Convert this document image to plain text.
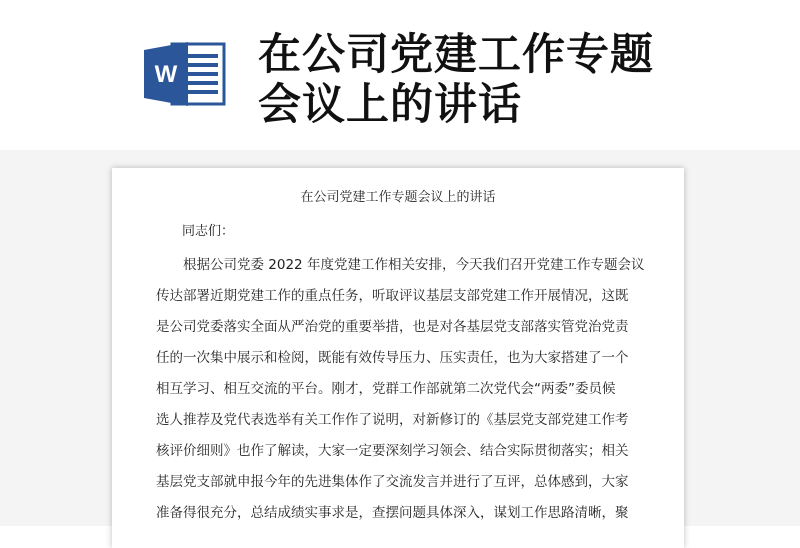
W 在公司党建工作专题
会议上的讲话
在公司党建工作专题会议上的讲话
同志们：
根据公司党委 2022 年度党建工作相关安排，今天我们召开党建工作专题会议
传达部署近期党建工作的重点任务，听取评议基层支部党建工作开展情况，这既
是公司党委落实全面从严治党的重要举措，也是对各基层党支部落实管党治党责
任的一次集中展示和检阅，既能有效传导压力、压实责任，也为大家搭建了一个
相互学习、相互交流的平台。刚才，党群工作部就第二次党代会“两委”委员候
选人推荐及党代表选举有关工作作了说明，对新修订的《基层党支部党建工作考
核评价细则》也作了解读，大家一定要深刻学习领会、结合实际贯彻落实；相关
基层党支部就申报今年的先进集体作了交流发言并进行了互评，总体感到，大家
准备得很充分，总结成绩实事求是，查摆问题具体深入，谋划工作思路清晰，聚
